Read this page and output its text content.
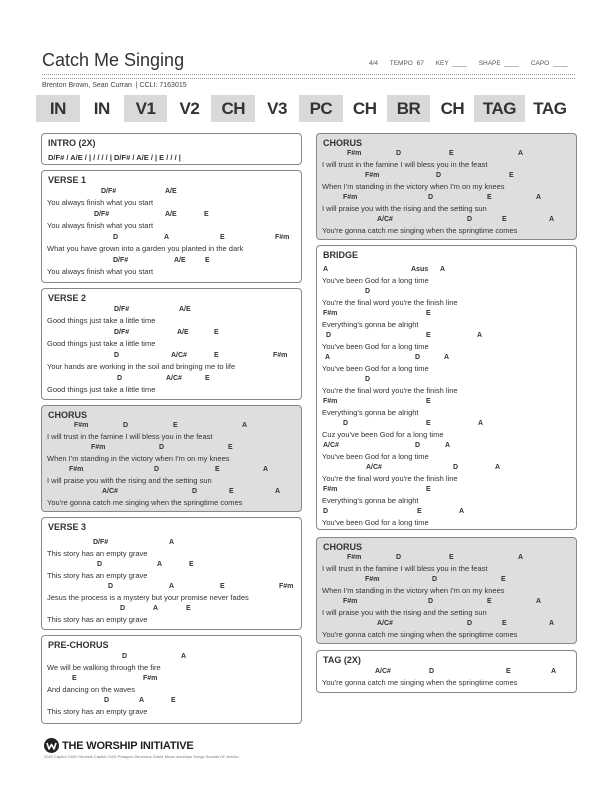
Catch Me Singing	4/4 TEMPO 67 KEY ____ SHAPE ____ CAPO ____
Brenton Brown, Sean Curran | CCLI: 7163015
IN	IN	V1	V2	CH	V3	PC	CH	BR	CH	TAG	TAG
INTRO (2X)
D/F# / A/E / | / / / / | D/F# / A/E / | E / / / |
VERSE 1
D/F#	A/E
You always finish what you start
D/F#	A/E	E
You always finish what you start
D	A	E	F#m
What you have grown into a garden you planted in the dark
D/F#	A/E	E
You always finish what you start
VERSE 2
D/F#	A/E
Good things just take a little time
D/F#	A/E	E
Good things just take a little time
D	A/C#	E	F#m
Your hands are working in the soil and bringing me to life
D	A/C#	E
Good things just take a little time
CHORUS
F#m	D	E	A
I will trust in the famine I will bless you in the feast
F#m	D	E
When I'm standing in the victory when I'm on my knees
F#m	D	E	A
I will praise you with the rising and the setting sun
A/C#	D	E	A
You're gonna catch me singing when the springtime comes
VERSE 3
D/F#	A
This story has an empty grave
D	A	E
This story has an empty grave
D	A	E	F#m
Jesus the process is a mystery but your promise never fades
D	A	E
This story has an empty grave
PRE-CHORUS
D	A
We will be walking through the fire
E	F#m
And dancing on the waves
D	A	E
This story has an empty grave
CHORUS
F#m	D	E	A
I will trust in the famine I will bless you in the feast
F#m	D	E
When I'm standing in the victory when I'm on my knees
F#m	D	E	A
I will praise you with the rising and the setting sun
A/C#	D	E	A
You're gonna catch me singing when the springtime comes
BRIDGE
A	Asus A
You've been God for a long time
D
You're the final word you're the finish line
F#m	E
Everything's gonna be alright
D	E	A
You've been God for a long time
A	D	A
You've been God for a long time
D
You're the final word you're the finish line
F#m	E
Everything's gonna be alright
D	E	A
Cuz you've been God for a long time
A/C#	D	A
You've been God for a long time
A/C#	D	A
You're the final word you're the finish line
F#m	E
Everything's gonna be alright
D	E	A
You've been God for a long time
CHORUS
F#m	D	E	A
I will trust in the famine I will bless you in the feast
F#m	D	E
When I'm standing in the victory when I'm on my knees
F#m	D	E	A
I will praise you with the rising and the setting sun
A/C#	D	E	A
You're gonna catch me singing when the springtime comes
TAG (2X)
A/C#	D	E	A
You're gonna catch me singing when the springtime comes
THE WORSHIP INITIATIVE
2020 Capitol CMG Genesis Capitol CMG Paragon Generous Grace Music worships Songs Sounds Of Jericho
